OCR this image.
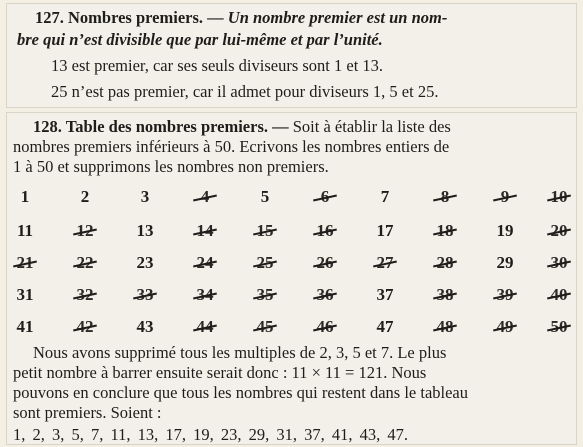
127. Nombres premiers. — Un nombre premier est un nom-
bre qui n’est divisible que par lui-même et par l’unité.
13 est premier, car ses seuls diviseurs sont 1 et 13.
25 n’est pas premier, car il admet pour diviseurs 1, 5 et 25.
128. Table des nombres premiers. — Soit à établir la liste des
nombres premiers inférieurs à 50. Ecrivons les nombres entiers de
1 à 50 et supprimons les nombres non premiers.
1	2	3	4	5	6	7	8	9	10
11	12	13	14	15	16	17	18	19	20
21	22	23	24	25	26	27	28	29	30
31	32	33	34	35	36	37	38	39	40
41	42	43	44	45	46	47	48	49	50
Nous avons supprimé tous les multiples de 2, 3, 5 et 7. Le plus
petit nombre à barrer ensuite serait donc : 11 × 11 = 121. Nous
pouvons en conclure que tous les nombres qui restent dans le tableau
sont premiers. Soient :
1, 2, 3, 5, 7, 11, 13, 17, 19, 23, 29, 31, 37, 41, 43, 47.
